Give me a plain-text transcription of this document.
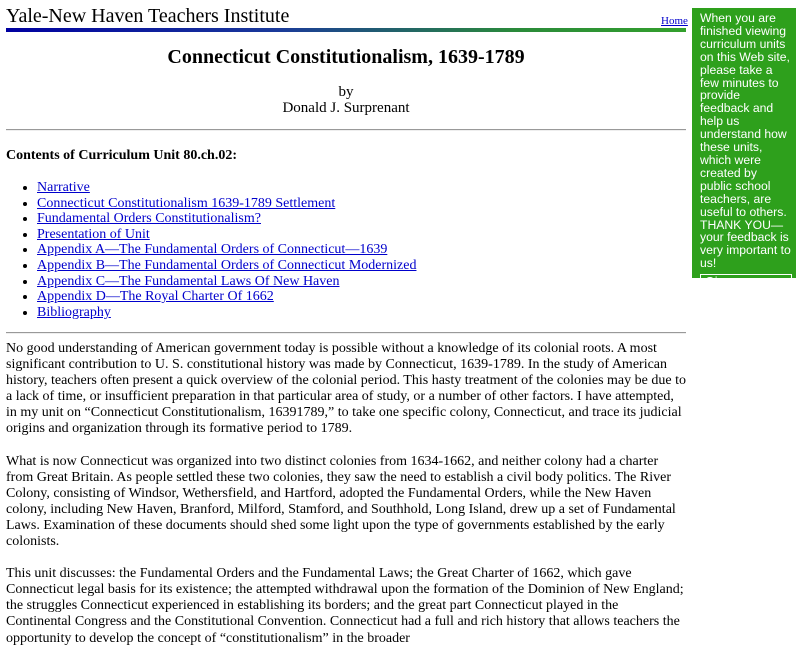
Yale-New Haven Teachers Institute	Home When you are finished viewing curriculum units on this Web site, please take a few minutes to provide feedback and help us understand how these units, which were created by public school teachers, are useful to others. THANK YOU—your feedback is very important to us!
Give Feedback
Connecticut Constitutionalism, 1639-1789
by
Donald J. Surprenant
Contents of Curriculum Unit 80.ch.02:
• Narrative
• Connecticut Constitutionalism 1639-1789 Settlement
• Fundamental Orders Constitutionalism?
• Presentation of Unit
• Appendix A—The Fundamental Orders of Connecticut—1639
• Appendix B—The Fundamental Orders of Connecticut Modernized
• Appendix C—The Fundamental Laws Of New Haven
• Appendix D—The Royal Charter Of 1662
• Bibliography

No good understanding of American government today is possible without a knowledge of its colonial roots. A most significant contribution to U. S. constitutional history was made by Connecticut, 1639-1789. In the study of American history, teachers often present a quick overview of the colonial period. This hasty treatment of the colonies may be due to a lack of time, or insufficient preparation in that particular area of study, or a number of other factors. I have attempted, in my unit on “Connecticut Constitutionalism, 16391789,” to take one specific colony, Connecticut, and trace its judicial origins and organization through its formative period to 1789.

What is now Connecticut was organized into two distinct colonies from 1634-1662, and neither colony had a charter from Great Britain. As people settled these two colonies, they saw the need to establish a civil body politics. The River Colony, consisting of Windsor, Wethersfield, and Hartford, adopted the Fundamental Orders, while the New Haven colony, including New Haven, Branford, Milford, Stamford, and Southhold, Long Island, drew up a set of Fundamental Laws. Examination of these documents should shed some light upon the type of governments established by the early colonists.

This unit discusses: the Fundamental Orders and the Fundamental Laws; the Great Charter of 1662, which gave Connecticut legal basis for its existence; the attempted withdrawal upon the formation of the Dominion of New England; the struggles Connecticut experienced in establishing its borders; and the great part Connecticut played in the Continental Congress and the Constitutional Convention. Connecticut had a full and rich history that allows teachers the opportunity to develop the concept of “constitutionalism” in the broader
